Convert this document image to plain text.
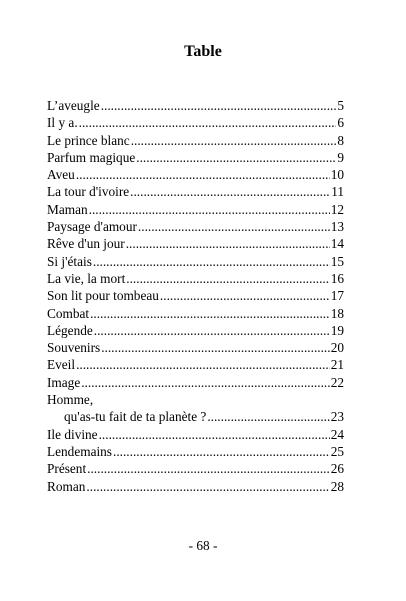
Table
L’aveugle .....	5
Il y a. .....	6
Le prince blanc .....	8
Parfum magique .....	9
Aveu .....	10
La tour d'ivoire .....	11
Maman .....	12
Paysage d'amour .....	13
Rêve d'un jour .....	14
Si j'étais .....	15
La vie, la mort .....	16
Son lit pour tombeau .....	17
Combat .....	18
Légende .....	19
Souvenirs .....	20
Eveil .....	21
Image .....	22
Homme,
qu'as-tu fait de ta planète ? .....	23
Ile divine .....	24
Lendemains .....	25
Présent .....	26
Roman .....	28
- 68 -
